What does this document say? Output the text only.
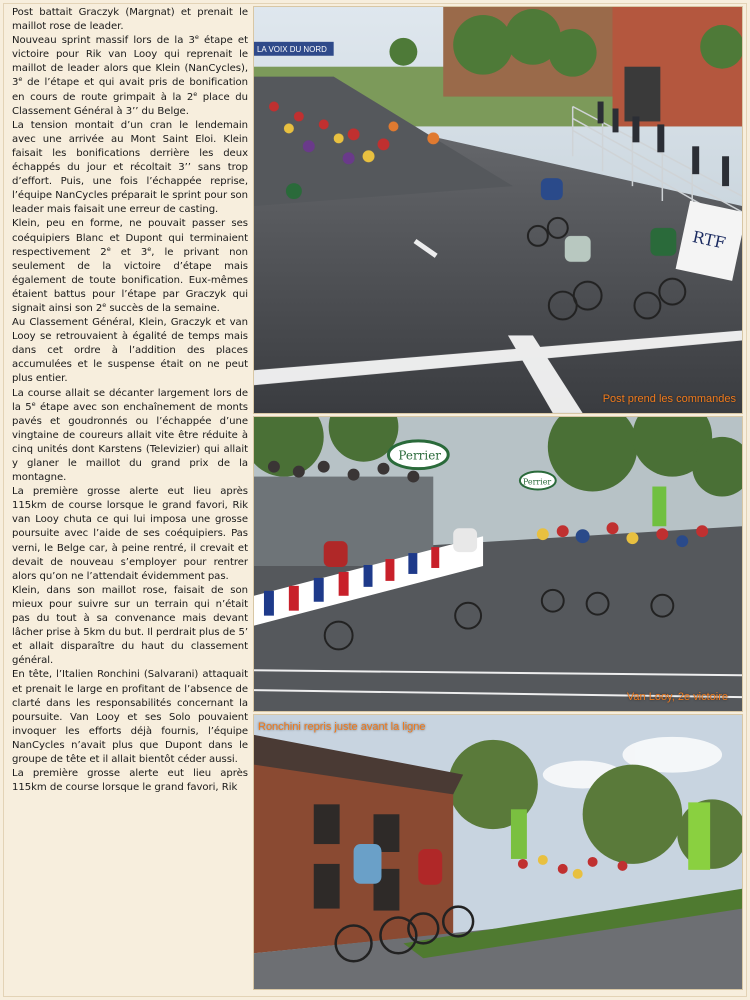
Post battait Graczyk (Margnat) et prenait le maillot rose de leader.

Nouveau sprint massif lors de la 3e étape et victoire pour Rik van Looy qui reprenait le maillot de leader alors que Klein (NanCycles), 3e de l’étape et qui avait pris de bonification en cours de route grimpait à la 2e place du Classement Général à 3’’ du Belge.

La tension montait d’un cran le lendemain avec une arrivée au Mont Saint Eloi. Klein faisait les bonifications derrière les deux échappés du jour et récoltait 3’’ sans trop d’effort. Puis, une fois l’échappée reprise, l’équipe NanCycles préparait le sprint pour son leader mais faisait une erreur de casting.

Klein, peu en forme, ne pouvait passer ses coéquipiers Blanc et Dupont qui terminaient respectivement 2e et 3e, le privant non seulement de la victoire d’étape mais également de toute bonification. Eux-mêmes étaient battus pour l’étape par Graczyk qui signait ainsi son 2e succès de la semaine.

Au Classement Général, Klein, Graczyk et van Looy se retrouvaient à égalité de temps mais dans cet ordre à l’addition des places accumulées et le suspense était on ne peut plus entier.

La course allait se décanter largement lors de la 5e étape avec son enchaînement de monts pavés et goudronnés ou l’échappée d’une vingtaine de coureurs allait vite être réduite à cinq unités dont Karstens (Televizier) qui allait y glaner le maillot du grand prix de la montagne.

La première grosse alerte eut lieu après 115km de course lorsque le grand favori, Rik van Looy chuta ce qui lui imposa une grosse poursuite avec l’aide de ses coéquipiers. Pas verni, le Belge car, à peine rentré, il crevait et devait de nouveau s’employer pour rentrer alors qu’on ne l’attendait évidemment pas.

Klein, dans son maillot rose, faisait de son mieux pour suivre sur un terrain qui n’était pas du tout à sa convenance mais devant lâcher prise à 5km du but. Il perdrait plus de 5’ et allait disparaître du haut du classement général.

En tête, l’Italien Ronchini (Salvarani) attaquait et prenait le large en profitant de l’absence de clarté dans les responsabilités concernant la poursuite. Van Looy et ses Solo pouvaient invoquer les efforts déjà fournis, l’équipe NanCycles n’avait plus que Dupont dans le groupe de tête et il allait bientôt céder aussi.

La première grosse alerte eut lieu après 115km de course lorsque le grand favori, Rik

LA VOIX DU NORD
RTF
Post prend les commandes
Perrier
Perrier
Van Looy, 2e victoire
Ronchini repris juste avant la ligne
